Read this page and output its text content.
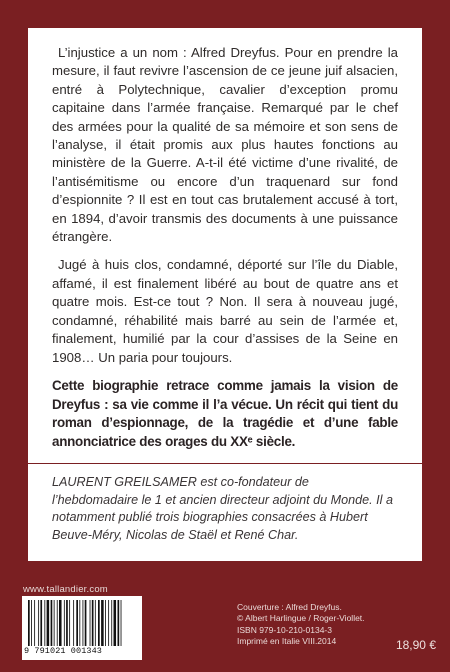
L’injustice a un nom : Alfred Dreyfus. Pour en prendre la mesure, il faut revivre l’ascension de ce jeune juif alsacien, entré à Polytechnique, cavalier d’exception promu capitaine dans l’armée française. Remarqué par le chef des armées pour la qualité de sa mémoire et son sens de l’analyse, il était promis aux plus hautes fonctions au ministère de la Guerre. A-t-il été victime d’une rivalité, de l’antisémitisme ou encore d’un traquenard sur fond d’espionnite ? Il est en tout cas brutalement accusé à tort, en 1894, d’avoir transmis des documents à une puissance étrangère.

Jugé à huis clos, condamné, déporté sur l’île du Diable, affamé, il est finalement libéré au bout de quatre ans et quatre mois. Est-ce tout ? Non. Il sera à nouveau jugé, condamné, réhabilité mais barré au sein de l’armée et, finalement, humilié par la cour d’assises de la Seine en 1908… Un paria pour toujours.

Cette biographie retrace comme jamais la vision de Dreyfus : sa vie comme il l’a vécue. Un récit qui tient du roman d’espionnage, de la tragédie et d’une fable annonciatrice des orages du XXᵉ siècle.

LAURENT GREILSAMER est co-fondateur de l’hebdomadaire le 1 et ancien directeur adjoint du Monde. Il a notamment publié trois biographies consacrées à Hubert Beuve-Méry, Nicolas de Staël et René Char.

www.tallandier.com
9 791021 001343
Couverture : Alfred Dreyfus.
© Albert Harlingue / Roger-Viollet.
ISBN 979-10-210-0134-3
Imprimé en Italie VIII.2014	18,90 €
